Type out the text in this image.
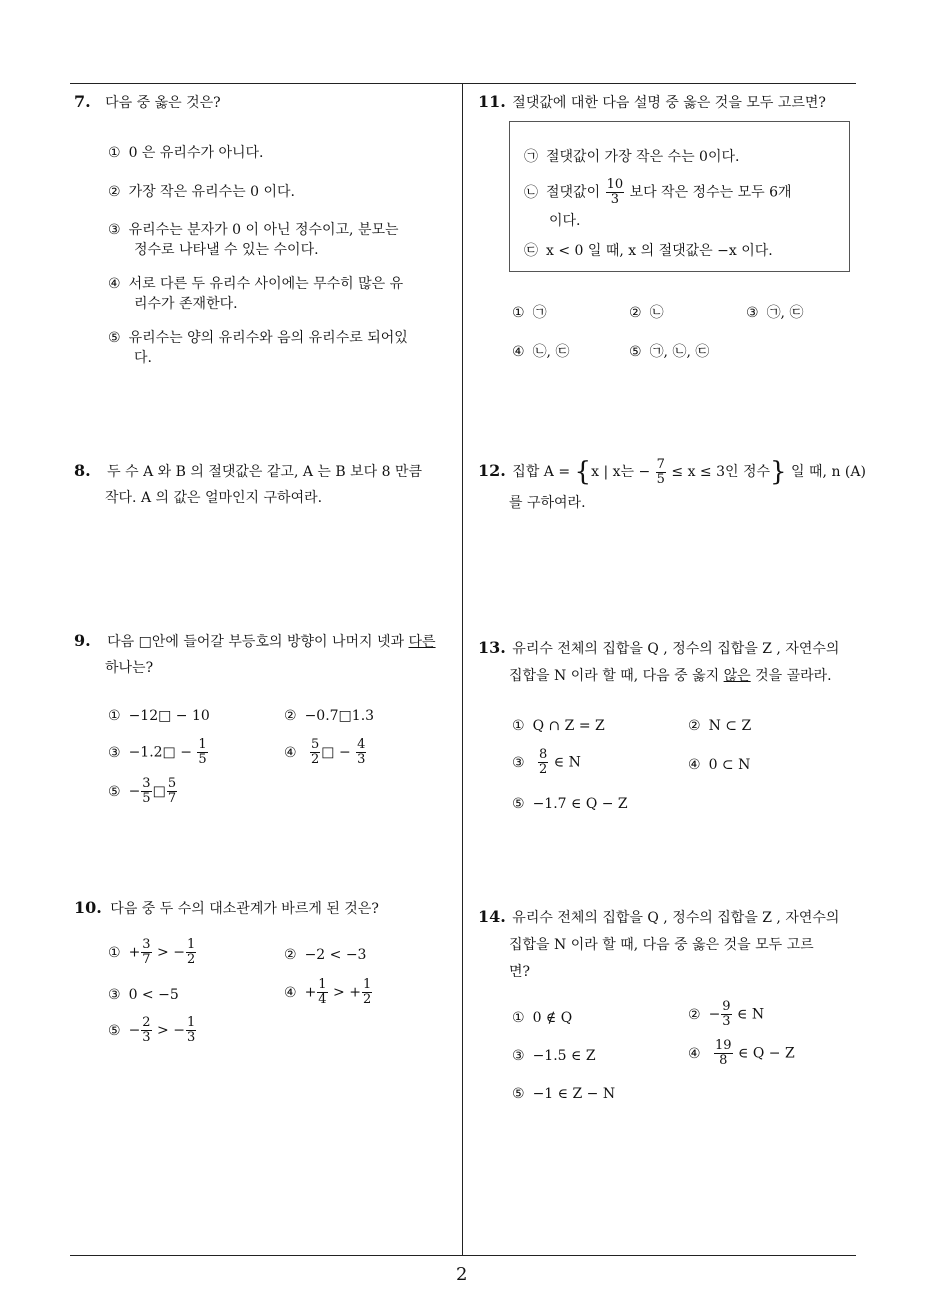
7. 다음 중 옳은 것은?
① 0 은 유리수가 아니다.
② 가장 작은 유리수는 0 이다.
③ 유리수는 분자가 0 이 아닌 정수이고, 분모는
정수로 나타낼 수 있는 수이다.
④ 서로 다른 두 유리수 사이에는 무수히 많은 유
리수가 존재한다.
⑤ 유리수는 양의 유리수와 음의 유리수로 되어있
다.
8. 두 수 A 와 B 의 절댓값은 같고, A 는 B 보다 8 만큼
작다. A 의 값은 얼마인지 구하여라.
9. 다음 □안에 들어갈 부등호의 방향이 나머지 넷과 다른
하나는?
① −12□ − 10	② −0.7□1.3
③ −1.2□ − $\frac{1}{5}$	④ $\frac{5}{2}$ □ − $\frac{4}{3}$
⑤ − $\frac{3}{5}$ □ $\frac{5}{7}$
10. 다음 중 두 수의 대소관계가 바르게 된 것은?
① + $\frac{3}{7}$ > − $\frac{1}{2}$	② −2 < −3
③ 0 < −5	④ + $\frac{1}{4}$ > + $\frac{1}{2}$
⑤ − $\frac{2}{3}$ > − $\frac{1}{3}$
11. 절댓값에 대한 다음 설명 중 옳은 것을 모두 고르면?
㉠ 절댓값이 가장 작은 수는 0이다.
㉡ 절댓값이 $\frac{10}{3}$ 보다 작은 정수는 모두 6개
이다.
㉢ x < 0 일 때, x 의 절댓값은 −x 이다.
① ㉠	② ㉡	③ ㉠, ㉢
④ ㉡, ㉢	⑤ ㉠, ㉡, ㉢
12. 집합 A = {x | x는 − $\frac{7}{5} \le x \le 3$인 정수} 일 때, n (A)
를 구하여라.
13. 유리수 전체의 집합을 Q , 정수의 집합을 Z , 자연수의
집합을 N 이라 할 때, 다음 중 옳지 않은 것을 골라라.
① Q ∩ Z = Z	② N ⊂ Z
③ $\frac{8}{2}$ ∈ N	④ 0 ⊂ N
⑤ −1.7 ∈ Q − Z
14. 유리수 전체의 집합을 Q , 정수의 집합을 Z , 자연수의
집합을 N 이라 할 때, 다음 중 옳은 것을 모두 고르
면?
① 0 ∉ Q	② − $\frac{9}{3}$ ∈ N
③ −1.5 ∈ Z	④ $\frac{19}{8}$ ∈ Q − Z
⑤ −1 ∈ Z − N
2
